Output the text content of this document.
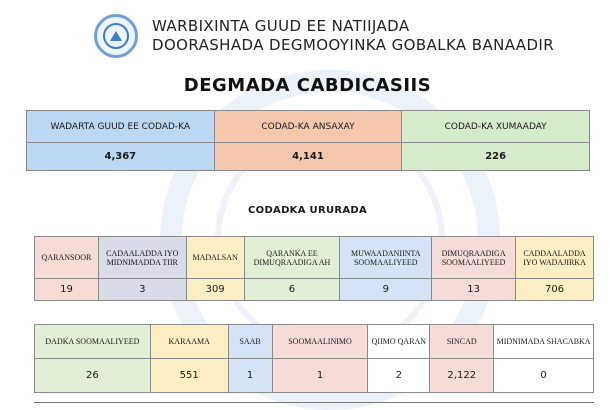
WARBIXINTA GUUD EE NATIIJADA
DOORASHADA DEGMOOYINKA GOBALKA BANAADIR
DEGMADA CABDICASIIS
WADARTA GUUD EE CODAD-KA	CODAD-KA ANSAXAY	CODAD-KA XUMAADAY
4,367	4,141	226
CODADKA URURADA
QARANSOOR	CADAALADDA IYO MIDNIMADDA TIIR	MADALSAN	QARANKA EE DIMUQRAADIGA AH	MUWAADANIINTA SOOMAALIYEED	DIMUQRAADIGA SOOMAALIYEED	CADDAALADDA IYO WADAJIRKA
19	3	309	6	9	13	706
DADKA SOOMAALIYEED	KARAAMA	SAAB	SOOMAALINIMO	QIIMO QARAN	SINCAD	MIDNIMADA SHACABKA
26	551	1	1	2	2,122	0
